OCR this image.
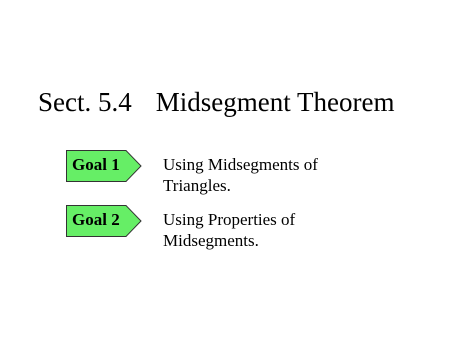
Sect. 5.4 Midsegment Theorem
Goal 1	Using Midsegments of
Triangles.
Goal 2	Using Properties of
Midsegments.
